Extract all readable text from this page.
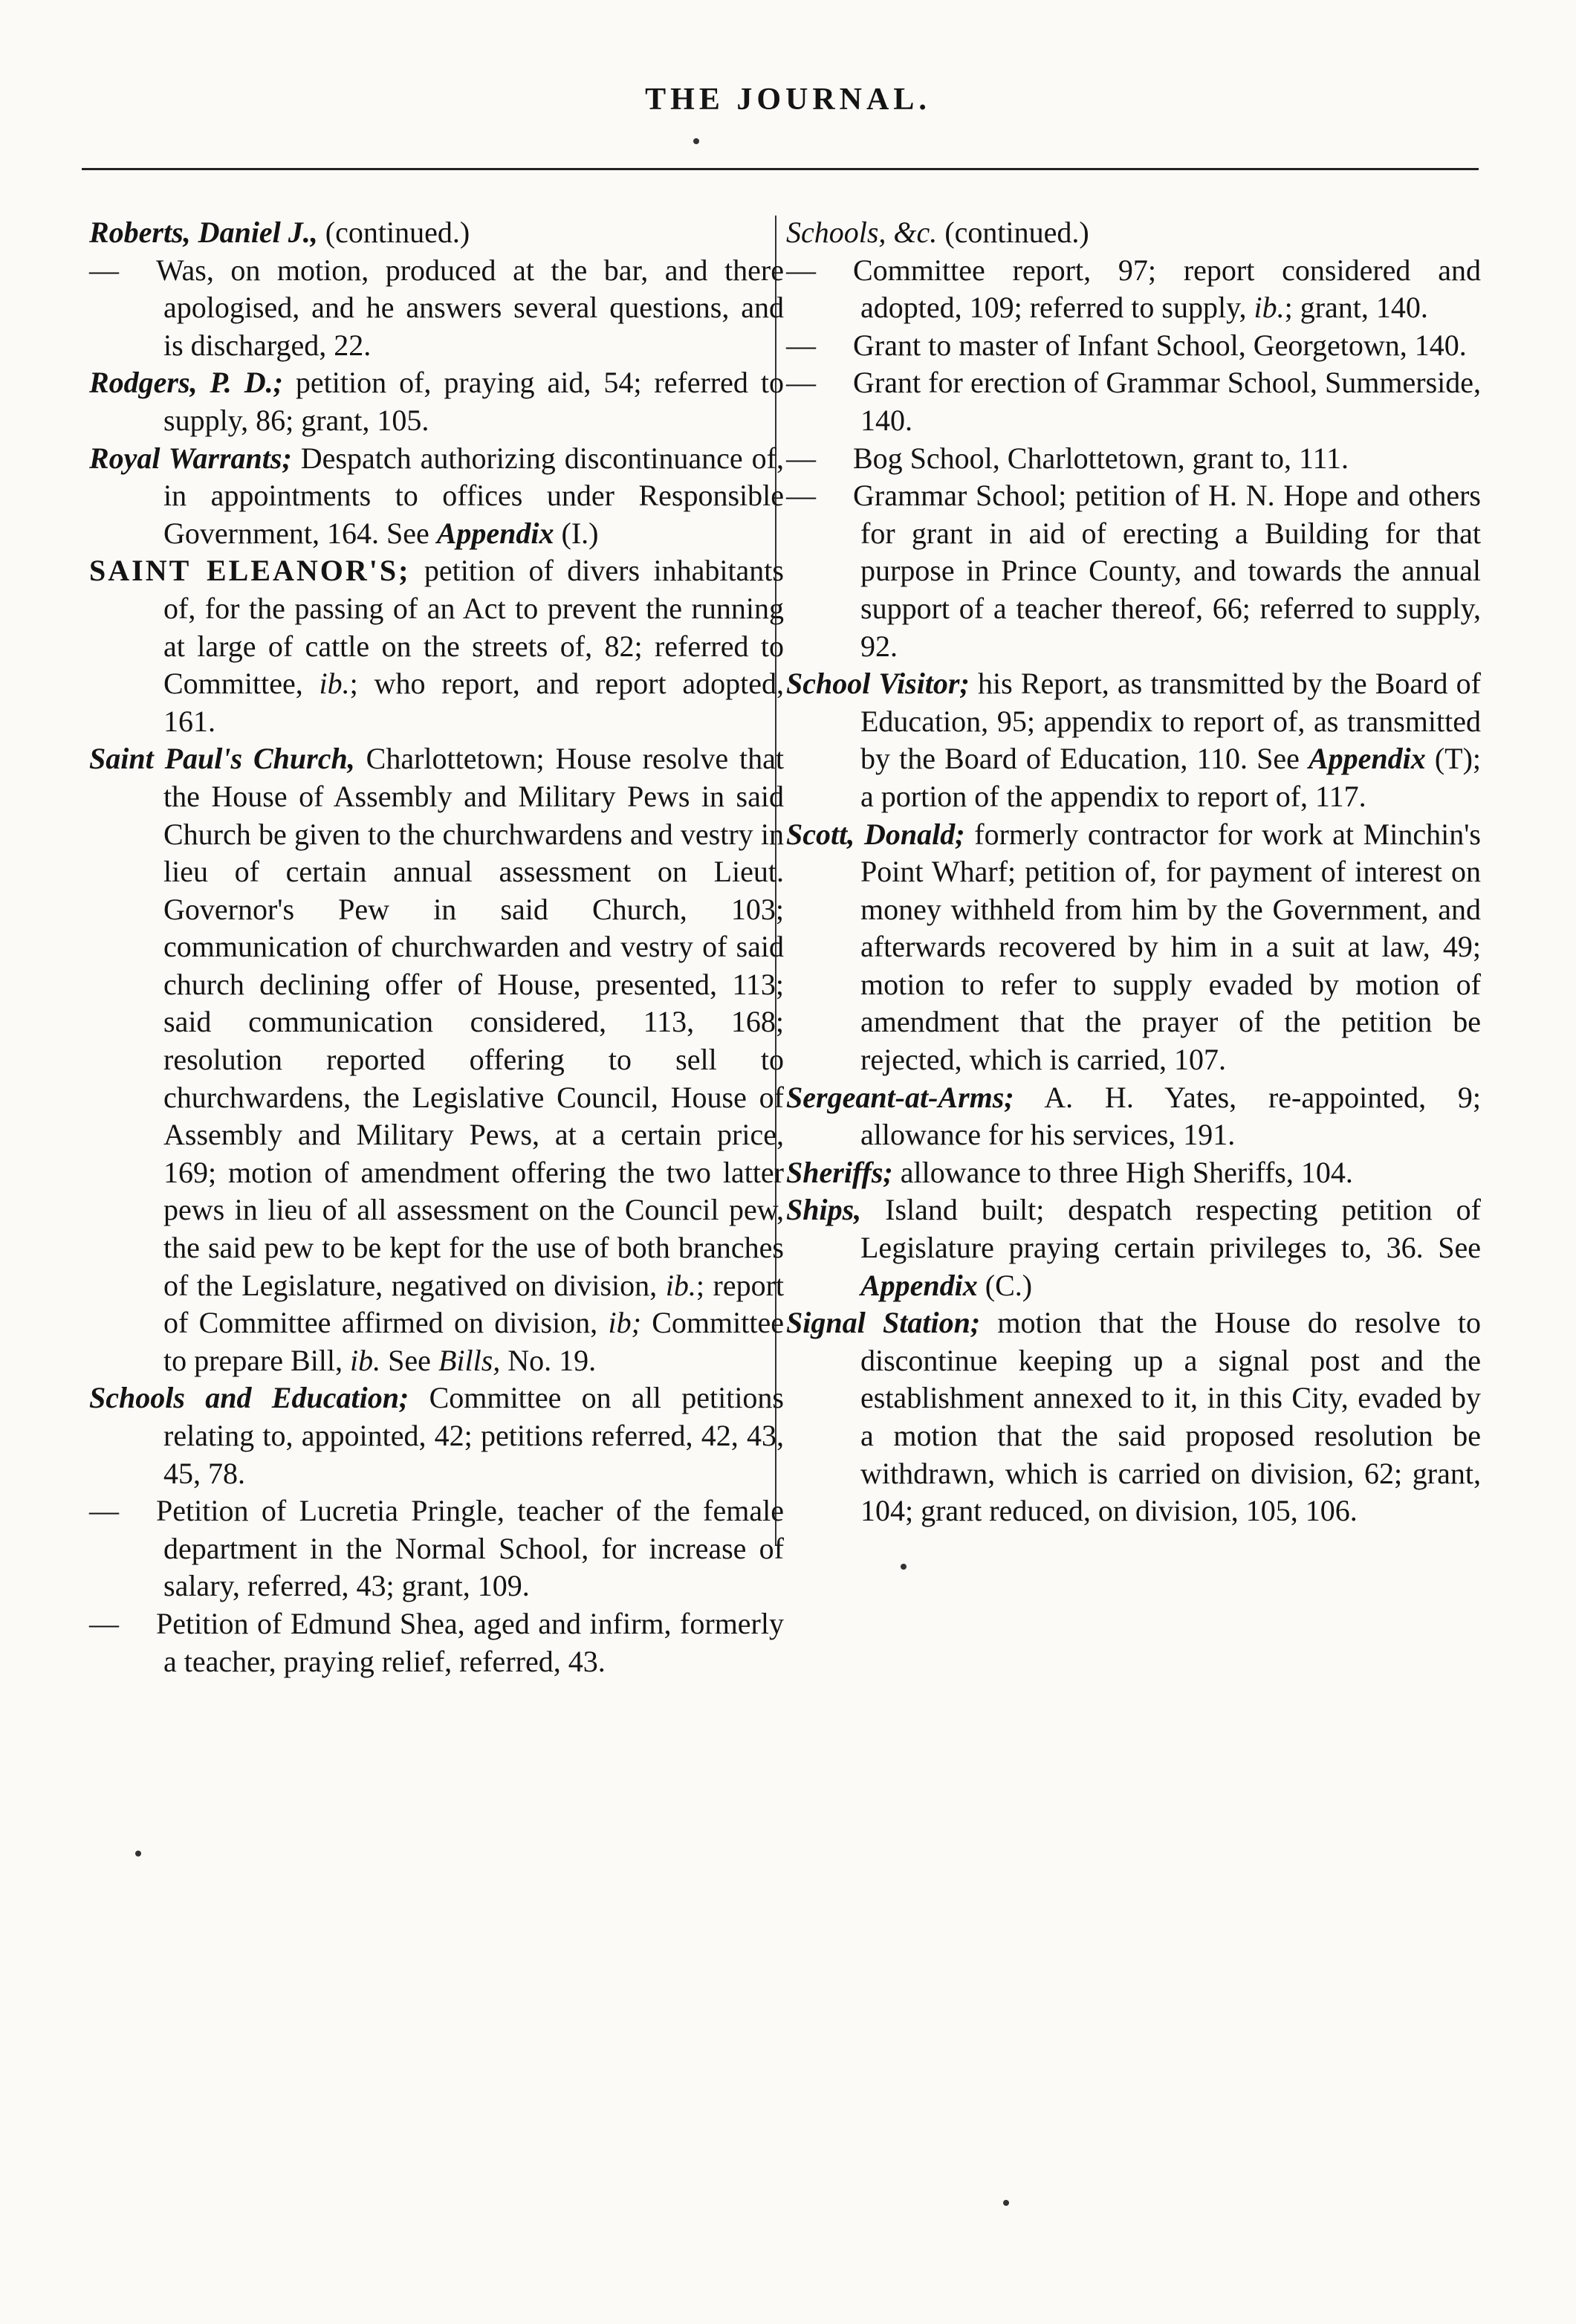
THE JOURNAL.

Roberts, Daniel J., (continued.)

— Was, on motion, produced at the bar, and there apologised, and he answers several questions, and is discharged, 22.

Rodgers, P. D.; petition of, praying aid, 54; referred to supply, 86; grant, 105.

Royal Warrants; Despatch authorizing discontinuance of, in appointments to offices under Responsible Government, 164. See Appendix (I.)

SAINT ELEANOR'S; petition of divers inhabitants of, for the passing of an Act to prevent the running at large of cattle on the streets of, 82; referred to Committee, ib.; who report, and report adopted, 161.

Saint Paul's Church, Charlottetown; House resolve that the House of Assembly and Military Pews in said Church be given to the churchwardens and vestry in lieu of certain annual assessment on Lieut. Governor's Pew in said Church, 103; communication of churchwarden and vestry of said church declining offer of House, presented, 113; said communication considered, 113, 168; resolution reported offering to sell to churchwardens, the Legislative Council, House of Assembly and Military Pews, at a certain price, 169; motion of amendment offering the two latter pews in lieu of all assessment on the Council pew, the said pew to be kept for the use of both branches of the Legislature, negatived on division, ib.; report of Committee affirmed on division, ib; Committee to prepare Bill, ib. See Bills, No. 19.

Schools and Education; Committee on all petitions relating to, appointed, 42; petitions referred, 42, 43, 45, 78.

— Petition of Lucretia Pringle, teacher of the female department in the Normal School, for increase of salary, referred, 43; grant, 109.

— Petition of Edmund Shea, aged and infirm, formerly a teacher, praying relief, referred, 43.

Schools, &c. (continued.)

— Committee report, 97; report considered and adopted, 109; referred to supply, ib.; grant, 140.

— Grant to master of Infant School, Georgetown, 140.

— Grant for erection of Grammar School, Summerside, 140.

— Bog School, Charlottetown, grant to, 111.

— Grammar School; petition of H. N. Hope and others for grant in aid of erecting a Building for that purpose in Prince County, and towards the annual support of a teacher thereof, 66; referred to supply, 92.

School Visitor; his Report, as transmitted by the Board of Education, 95; appendix to report of, as transmitted by the Board of Education, 110. See Appendix (T); a portion of the appendix to report of, 117.

Scott, Donald; formerly contractor for work at Minchin's Point Wharf; petition of, for payment of interest on money withheld from him by the Government, and afterwards recovered by him in a suit at law, 49; motion to refer to supply evaded by motion of amendment that the prayer of the petition be rejected, which is carried, 107.

Sergeant-at-Arms; A. H. Yates, re-appointed, 9; allowance for his services, 191.

Sheriffs; allowance to three High Sheriffs, 104.

Ships, Island built; despatch respecting petition of Legislature praying certain privileges to, 36. See Appendix (C.)

Signal Station; motion that the House do resolve to discontinue keeping up a signal post and the establishment annexed to it, in this City, evaded by a motion that the said proposed resolution be withdrawn, which is carried on division, 62; grant, 104; grant reduced, on division, 105, 106.
